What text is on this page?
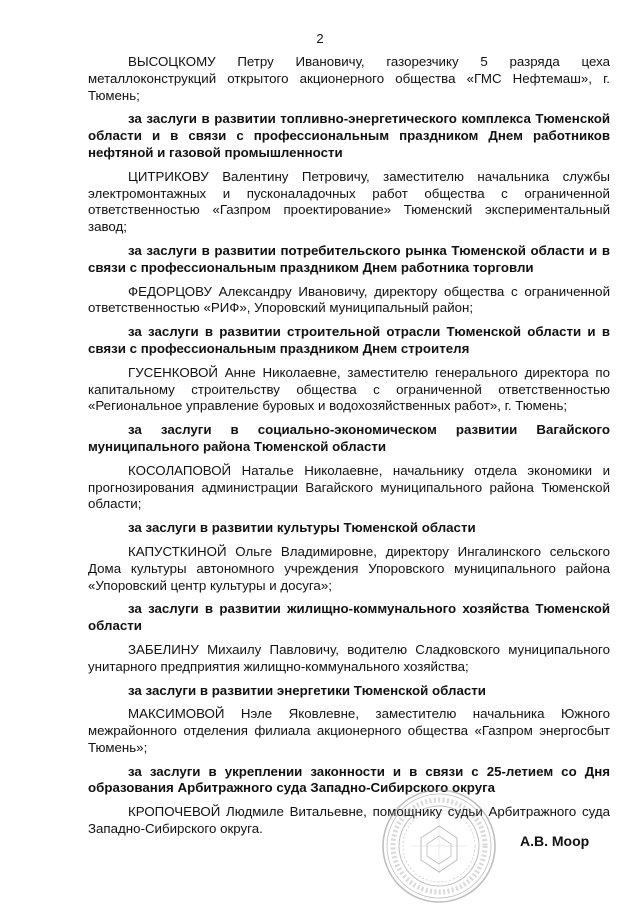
2

ВЫСОЦКОМУ Петру Ивановичу, газорезчику 5 разряда цеха металлоконструкций открытого акционерного общества «ГМС Нефтемаш», г. Тюмень;

за заслуги в развитии топливно-энергетического комплекса Тюменской области и в связи с профессиональным праздником Днем работников нефтяной и газовой промышленности

ЦИТРИКОВУ Валентину Петровичу, заместителю начальника службы электромонтажных и пусконаладочных работ общества с ограниченной ответственностью «Газпром проектирование» Тюменский экспериментальный завод;

за заслуги в развитии потребительского рынка Тюменской области и в связи с профессиональным праздником Днем работника торговли

ФЕДОРЦОВУ Александру Ивановичу, директору общества с ограниченной ответственностью «РИФ», Упоровский муниципальный район;

за заслуги в развитии строительной отрасли Тюменской области и в связи с профессиональным праздником Днем строителя

ГУСЕНКОВОЙ Анне Николаевне, заместителю генерального директора по капитальному строительству общества с ограниченной ответственностью «Региональное управление буровых и водохозяйственных работ», г. Тюмень;

за заслуги в социально-экономическом развитии Вагайского муниципального района Тюменской области

КОСОЛАПОВОЙ Наталье Николаевне, начальнику отдела экономики и прогнозирования администрации Вагайского муниципального района Тюменской области;

за заслуги в развитии культуры Тюменской области

КАПУСТКИНОЙ Ольге Владимировне, директору Ингалинского сельского Дома культуры автономного учреждения Упоровского муниципального района «Упоровский центр культуры и досуга»;

за заслуги в развитии жилищно-коммунального хозяйства Тюменской области

ЗАБЕЛИНУ Михаилу Павловичу, водителю Сладковского муниципального унитарного предприятия жилищно-коммунального хозяйства;

за заслуги в развитии энергетики Тюменской области

МАКСИМОВОЙ Нэле Яковлевне, заместителю начальника Южного межрайонного отделения филиала акционерного общества «Газпром энергосбыт Тюмень»;

за заслуги в укреплении законности и в связи с 25-летием со Дня образования Арбитражного суда Западно-Сибирского округа

КРОПОЧЕВОЙ Людмиле Витальевне, помощнику судьи Арбитражного суда Западно-Сибирского округа.

А.В. Моор
